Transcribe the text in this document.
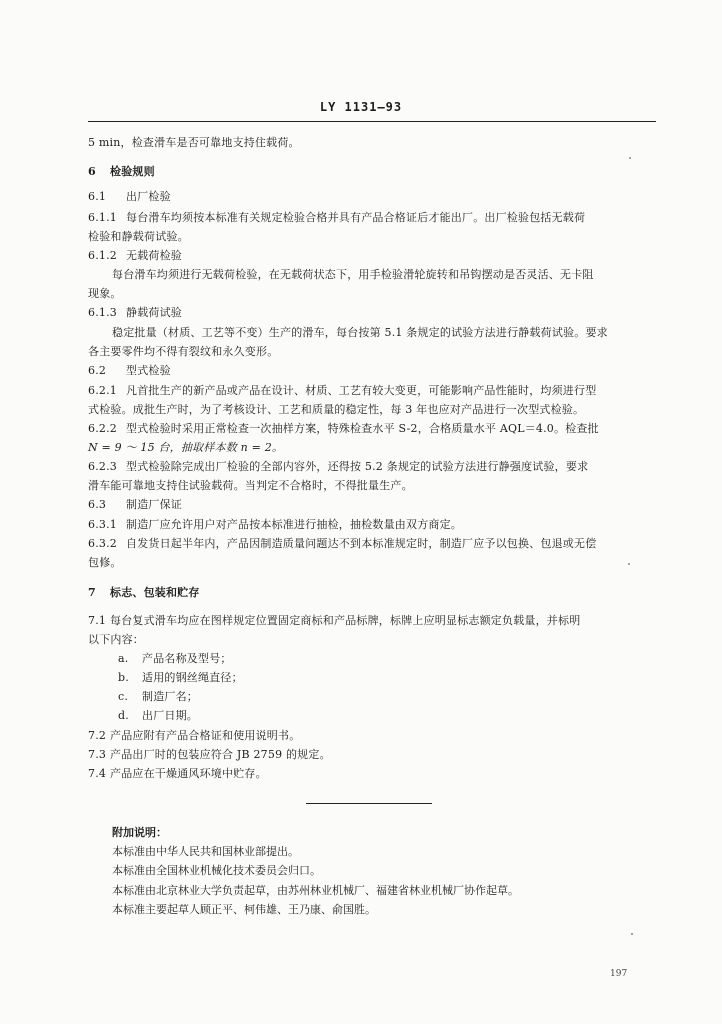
LY 1131—93
5 min，检查滑车是否可靠地支持住载荷。
6 检验规则
6.1 出厂检验
6.1.1 每台滑车均须按本标准有关规定检验合格并具有产品合格证后才能出厂。出厂检验包括无载荷
检验和静载荷试验。
6.1.2 无载荷检验
每台滑车均须进行无载荷检验，在无载荷状态下，用手检验滑轮旋转和吊钩摆动是否灵活、无卡阻
现象。
6.1.3 静载荷试验
稳定批量（材质、工艺等不变）生产的滑车，每台按第 5.1 条规定的试验方法进行静载荷试验。要求
各主要零件均不得有裂纹和永久变形。
6.2 型式检验
6.2.1 凡首批生产的新产品或产品在设计、材质、工艺有较大变更，可能影响产品性能时，均须进行型
式检验。成批生产时，为了考核设计、工艺和质量的稳定性，每 3 年也应对产品进行一次型式检验。
6.2.2 型式检验时采用正常检查一次抽样方案，特殊检查水平 S-2，合格质量水平 AQL＝4.0。检查批
N = 9 ～ 15 台，抽取样本数 n = 2。
6.2.3 型式检验除完成出厂检验的全部内容外，还得按 5.2 条规定的试验方法进行静强度试验，要求
滑车能可靠地支持住试验载荷。当判定不合格时，不得批量生产。
6.3 制造厂保证
6.3.1 制造厂应允许用户对产品按本标准进行抽检，抽检数量由双方商定。
6.3.2 自发货日起半年内，产品因制造质量问题达不到本标准规定时，制造厂应予以包换、包退或无偿
包修。
7 标志、包装和贮存
7.1 每台复式滑车均应在图样规定位置固定商标和产品标牌，标牌上应明显标志额定负载量，并标明
以下内容：
a. 产品名称及型号；
b. 适用的钢丝绳直径；
c. 制造厂名；
d. 出厂日期。
7.2 产品应附有产品合格证和使用说明书。
7.3 产品出厂时的包装应符合 JB 2759 的规定。
7.4 产品应在干燥通风环境中贮存。
附加说明：
本标准由中华人民共和国林业部提出。
本标准由全国林业机械化技术委员会归口。
本标准由北京林业大学负责起草，由苏州林业机械厂、福建省林业机械厂协作起草。
本标准主要起草人顾正平、柯伟雄、王乃康、俞国胜。
197
